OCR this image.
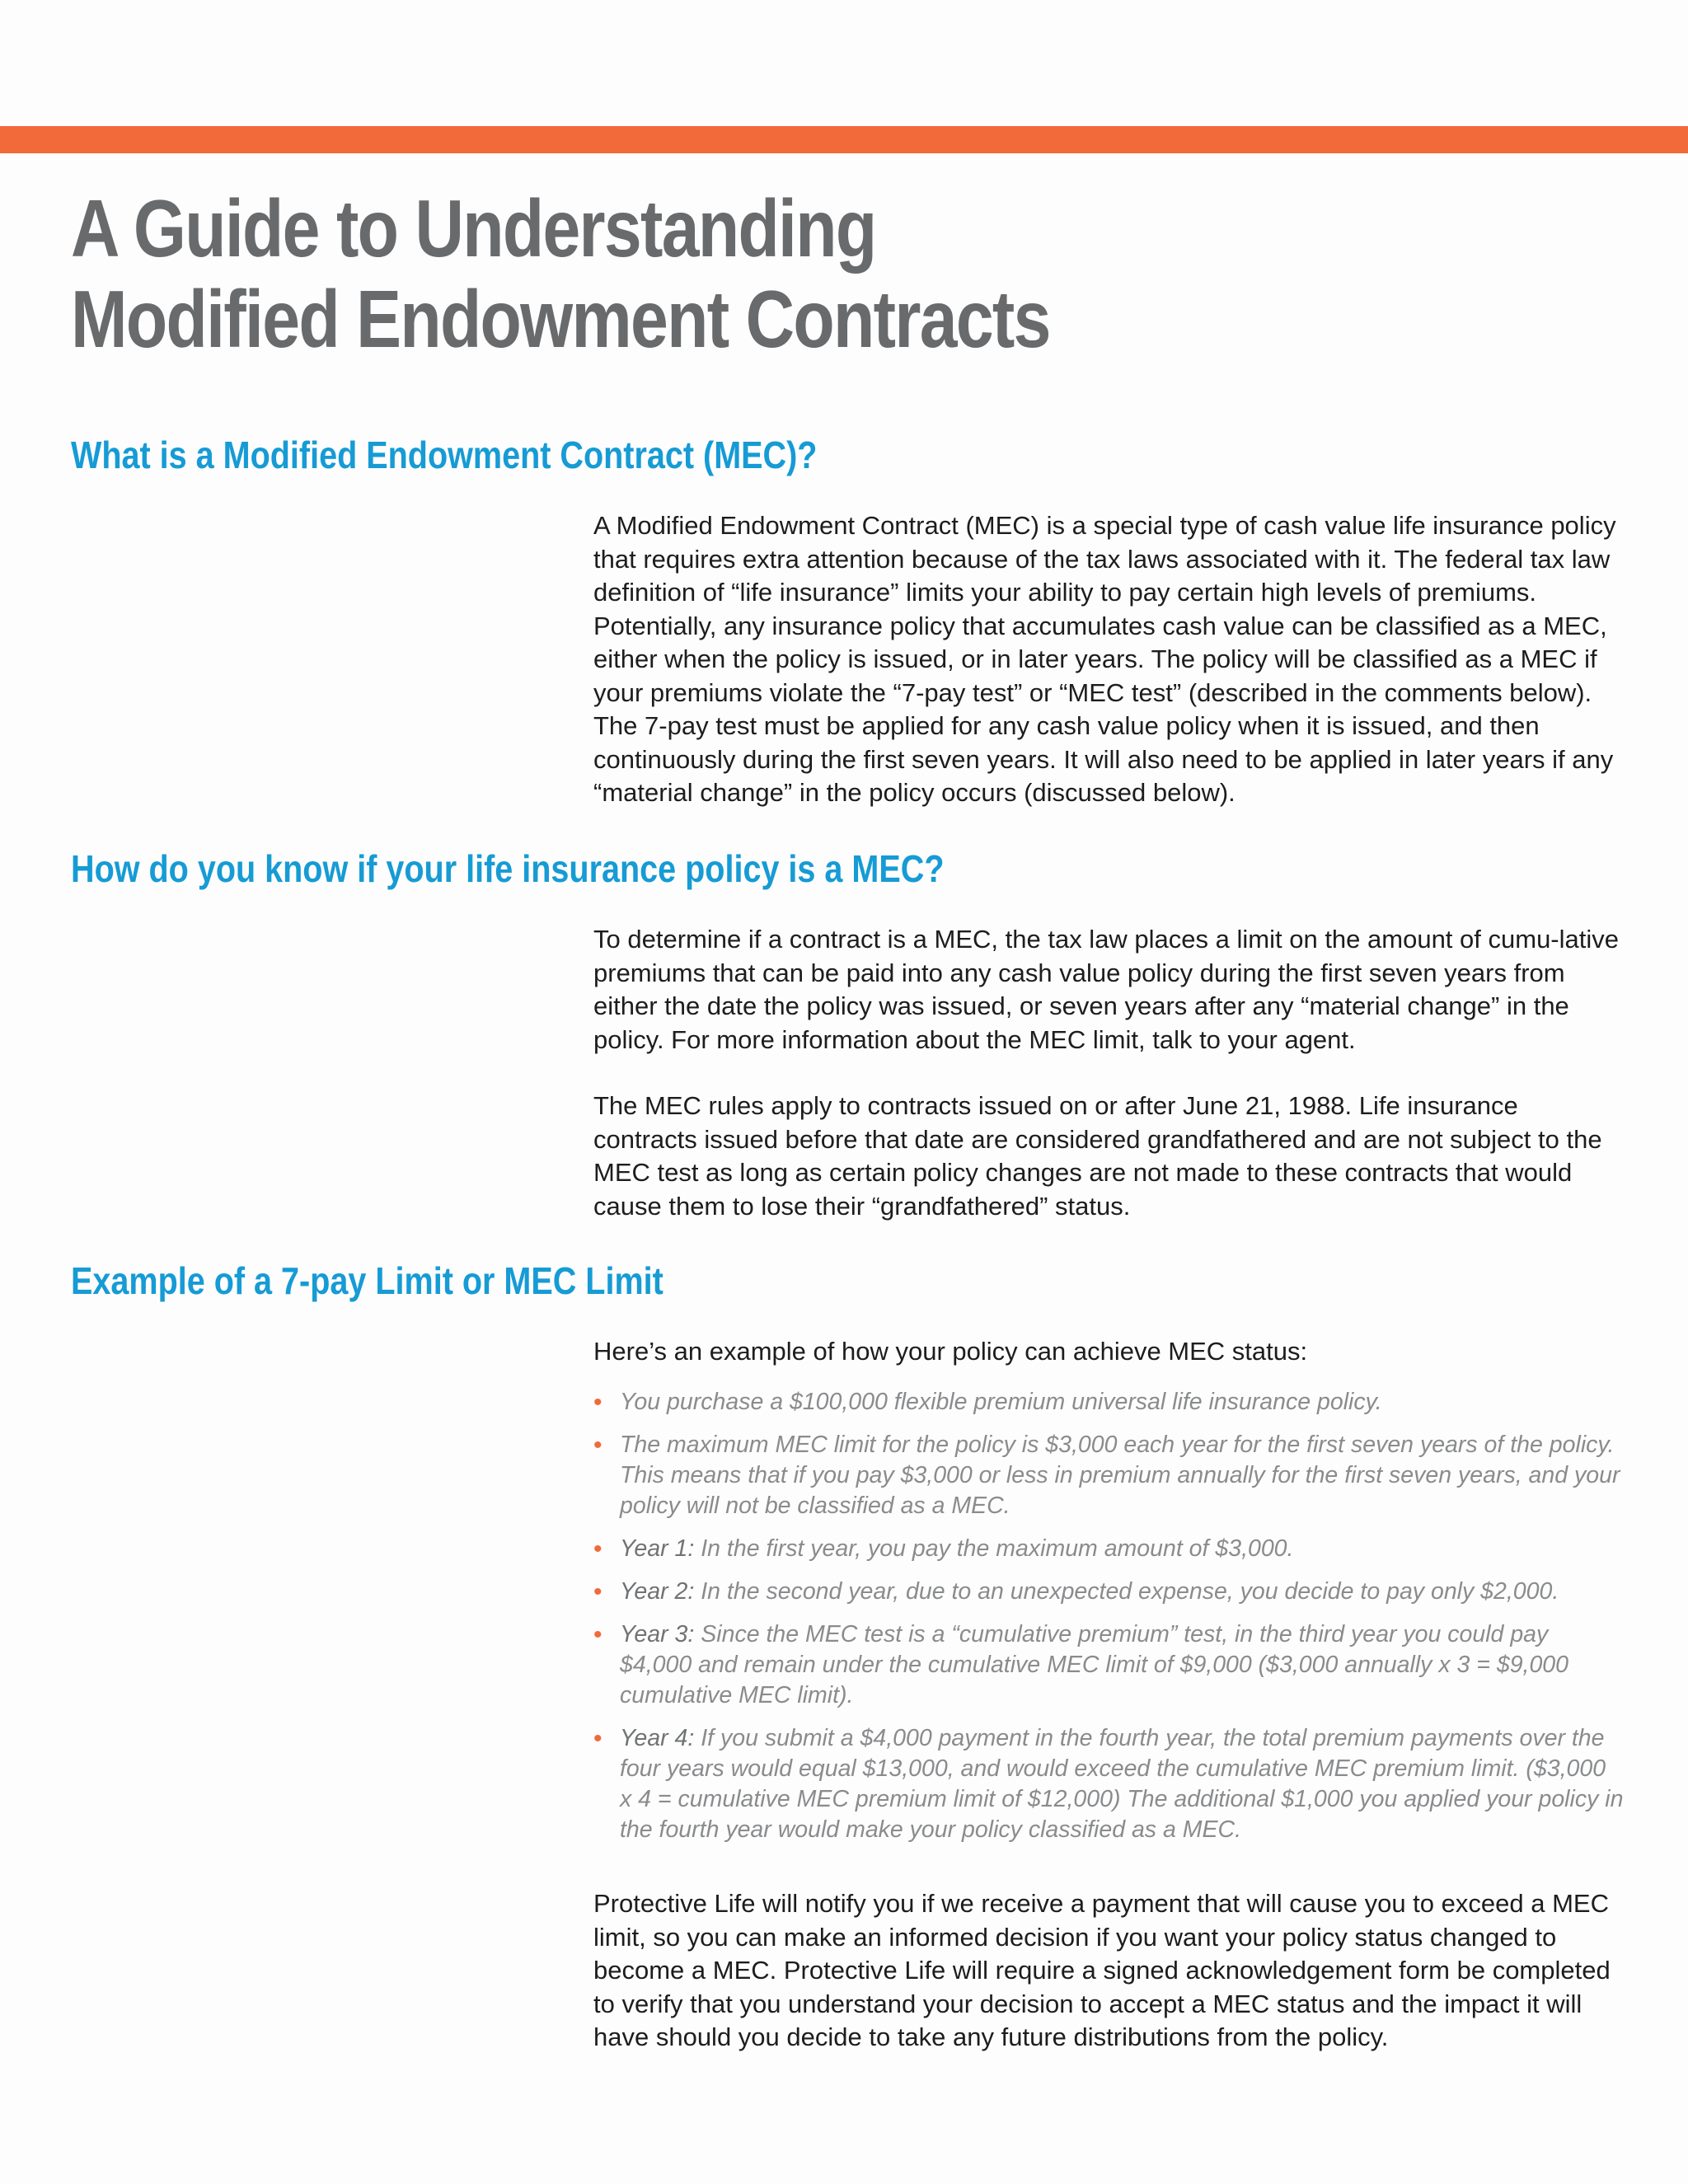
A Guide to Understanding
Modified Endowment Contracts
What is a Modified Endowment Contract (MEC)?

A Modified Endowment Contract (MEC) is a special type of cash value life insurance policy that requires extra attention because of the tax laws associated with it. The federal tax law definition of “life insurance” limits your ability to pay certain high levels of premiums. Potentially, any insurance policy that accumulates cash value can be classified as a MEC, either when the policy is issued, or in later years. The policy will be classified as a MEC if your premiums violate the “7-pay test” or “MEC test” (described in the comments below). The 7-pay test must be applied for any cash value policy when it is issued, and then continuously during the first seven years. It will also need to be applied in later years if any “material change” in the policy occurs (discussed below).

How do you know if your life insurance policy is a MEC?

To determine if a contract is a MEC, the tax law places a limit on the amount of cumu-lative premiums that can be paid into any cash value policy during the first seven years from either the date the policy was issued, or seven years after any “material change” in the policy. For more information about the MEC limit, talk to your agent.

The MEC rules apply to contracts issued on or after June 21, 1988. Life insurance contracts issued before that date are considered grandfathered and are not subject to the MEC test as long as certain policy changes are not made to these contracts that would cause them to lose their “grandfathered” status.

Example of a 7-pay Limit or MEC Limit

Here’s an example of how your policy can achieve MEC status:

• You purchase a $100,000 flexible premium universal life insurance policy.
• The maximum MEC limit for the policy is $3,000 each year for the first seven years of the policy. This means that if you pay $3,000 or less in premium annually for the first seven years, and your policy will not be classified as a MEC.
• Year 1: In the first year, you pay the maximum amount of $3,000.
• Year 2: In the second year, due to an unexpected expense, you decide to pay only $2,000.
• Year 3: Since the MEC test is a “cumulative premium” test, in the third year you could pay $4,000 and remain under the cumulative MEC limit of $9,000 ($3,000 annually x 3 = $9,000 cumulative MEC limit).
• Year 4: If you submit a $4,000 payment in the fourth year, the total premium payments over the four years would equal $13,000, and would exceed the cumulative MEC premium limit. ($3,000 x 4 = cumulative MEC premium limit of $12,000) The additional $1,000 you applied your policy in the fourth year would make your policy classified as a MEC.

Protective Life will notify you if we receive a payment that will cause you to exceed a MEC limit, so you can make an informed decision if you want your policy status changed to become a MEC. Protective Life will require a signed acknowledgement form be completed to verify that you understand your decision to accept a MEC status and the impact it will have should you decide to take any future distributions from the policy.
